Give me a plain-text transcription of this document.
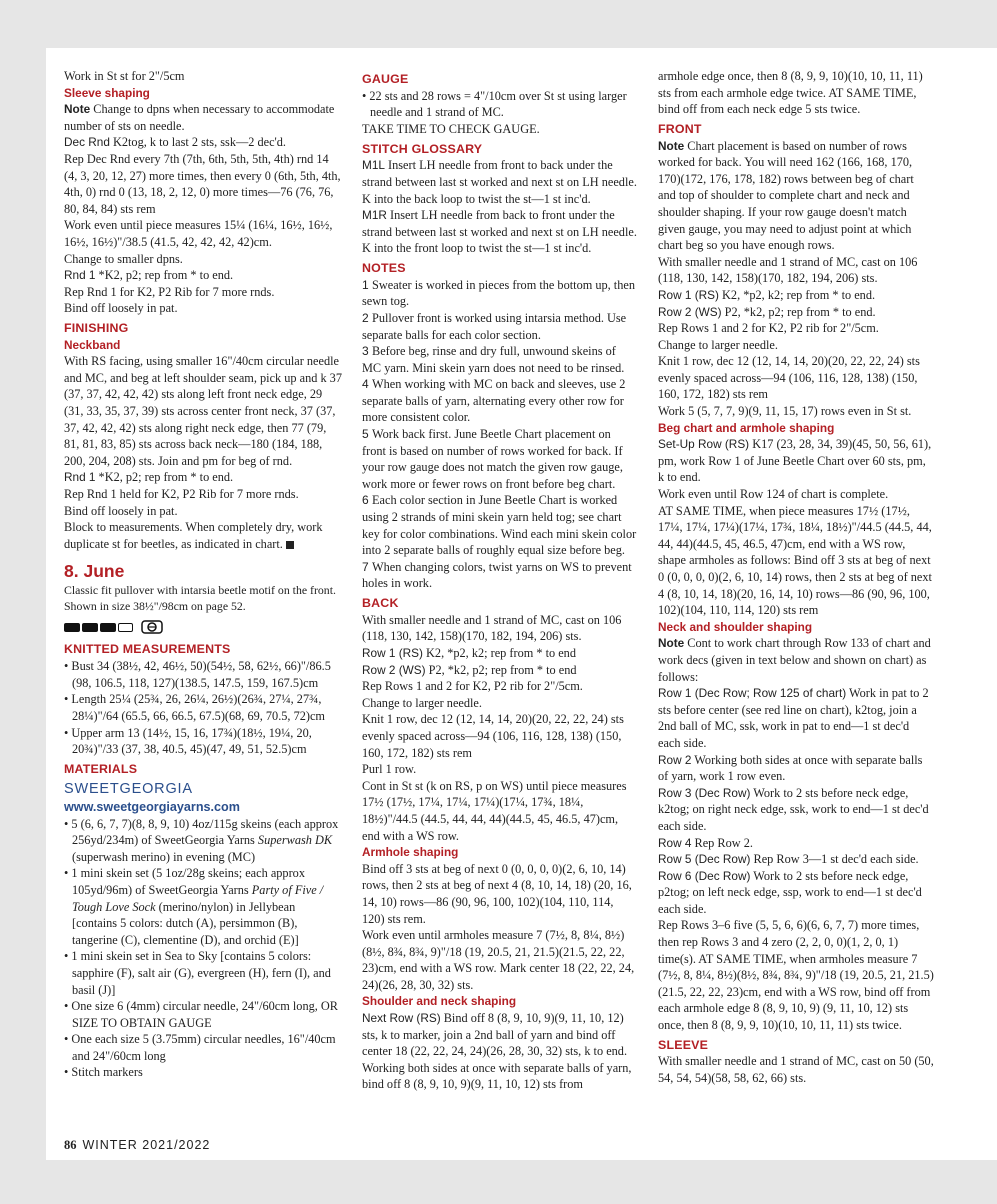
Work in St st for 2"/5cm

Sleeve shaping

Note Change to dpns when necessary to accommodate number of sts on needle.

Dec Rnd K2tog, k to last 2 sts, ssk—2 dec'd.

Rep Dec Rnd every 7th (7th, 6th, 5th, 5th, 4th) rnd 14 (4, 3, 20, 12, 27) more times, then every 0 (6th, 5th, 4th, 4th, 0) rnd 0 (13, 18, 2, 12, 0) more times—76 (76, 76, 80, 84, 84) sts rem

Work even until piece measures 15¼ (16¼, 16½, 16½, 16½, 16½)"/38.5 (41.5, 42, 42, 42, 42)cm.

Change to smaller dpns.

Rnd 1 *K2, p2; rep from * to end.

Rep Rnd 1 for K2, P2 Rib for 7 more rnds.

Bind off loosely in pat.

FINISHING
Neckband

With RS facing, using smaller 16"/40cm circular needle and MC, and beg at left shoulder seam, pick up and k 37 (37, 37, 42, 42, 42) sts along left front neck edge, 29 (31, 33, 35, 37, 39) sts across center front neck, 37 (37, 37, 42, 42, 42) sts along right neck edge, then 77 (79, 81, 81, 83, 85) sts across back neck—180 (184, 188, 200, 204, 208) sts. Join and pm for beg of rnd.

Rnd 1 *K2, p2; rep from * to end.

Rep Rnd 1 held for K2, P2 Rib for 7 more rnds.

Bind off loosely in pat.

Block to measurements. When completely dry, work duplicate st for beetles, as indicated in chart.

8. June

Classic fit pullover with intarsia beetle motif on the front. Shown in size 38½"/98cm on page 52.

KNITTED MEASUREMENTS

• Bust 34 (38½, 42, 46½, 50)(54½, 58, 62½, 66)"/86.5 (98, 106.5, 118, 127)(138.5, 147.5, 159, 167.5)cm

• Length 25¼ (25¾, 26, 26¼, 26½)(26¾, 27¼, 27¾, 28¼)"/64 (65.5, 66, 66.5, 67.5)(68, 69, 70.5, 72)cm

• Upper arm 13 (14½, 15, 16, 17¾)(18½, 19¼, 20, 20¾)"/33 (37, 38, 40.5, 45)(47, 49, 51, 52.5)cm

MATERIALS
SWEETGEORGIA
www.sweetgeorgiayarns.com

• 5 (6, 6, 7, 7)(8, 8, 9, 10) 4oz/115g skeins (each approx 256yd/234m) of SweetGeorgia Yarns Superwash DK (superwash merino) in evening (MC)

• 1 mini skein set (5 1oz/28g skeins; each approx 105yd/96m) of SweetGeorgia Yarns Party of Five / Tough Love Sock (merino/nylon) in Jellybean [contains 5 colors: dutch (A), persimmon (B), tangerine (C), clementine (D), and orchid (E)]

• 1 mini skein set in Sea to Sky [contains 5 colors: sapphire (F), salt air (G), evergreen (H), fern (I), and basil (J)]

• One size 6 (4mm) circular needle, 24"/60cm long, OR SIZE TO OBTAIN GAUGE

• One each size 5 (3.75mm) circular needles, 16"/40cm and 24"/60cm long

• Stitch markers

GAUGE

• 22 sts and 28 rows = 4"/10cm over St st using larger needle and 1 strand of MC.

TAKE TIME TO CHECK GAUGE.

STITCH GLOSSARY

M1L Insert LH needle from front to back under the strand between last st worked and next st on LH needle. K into the back loop to twist the st—1 st inc'd.

M1R Insert LH needle from back to front under the strand between last st worked and next st on LH needle. K into the front loop to twist the st—1 st inc'd.

NOTES

1 Sweater is worked in pieces from the bottom up, then sewn tog.

2 Pullover front is worked using intarsia method. Use separate balls for each color section.

3 Before beg, rinse and dry full, unwound skeins of MC yarn. Mini skein yarn does not need to be rinsed.

4 When working with MC on back and sleeves, use 2 separate balls of yarn, alternating every other row for more consistent color.

5 Work back first. June Beetle Chart placement on front is based on number of rows worked for back. If your row gauge does not match the given row gauge, work more or fewer rows on front before beg chart.

6 Each color section in June Beetle Chart is worked using 2 strands of mini skein yarn held tog; see chart key for color combinations. Wind each mini skein color into 2 separate balls of roughly equal size before beg.

7 When changing colors, twist yarns on WS to prevent holes in work.

BACK

With smaller needle and 1 strand of MC, cast on 106 (118, 130, 142, 158)(170, 182, 194, 206) sts.

Row 1 (RS) K2, *p2, k2; rep from * to end

Row 2 (WS) P2, *k2, p2; rep from * to end

Rep Rows 1 and 2 for K2, P2 rib for 2"/5cm.

Change to larger needle.

Knit 1 row, dec 12 (12, 14, 14, 20)(20, 22, 22, 24) sts evenly spaced across—94 (106, 116, 128, 138) (150, 160, 172, 182) sts rem

Purl 1 row.

Cont in St st (k on RS, p on WS) until piece measures 17½ (17½, 17¼, 17¼, 17¼)(17¼, 17¾, 18¼, 18½)"/44.5 (44.5, 44, 44, 44)(44.5, 45, 46.5, 47)cm, end with a WS row.

Armhole shaping

Bind off 3 sts at beg of next 0 (0, 0, 0, 0)(2, 6, 10, 14) rows, then 2 sts at beg of next 4 (8, 10, 14, 18) (20, 16, 14, 10) rows—86 (90, 96, 100, 102)(104, 110, 114, 120) sts rem.

Work even until armholes measure 7 (7½, 8, 8¼, 8½)(8½, 8¾, 8¾, 9)"/18 (19, 20.5, 21, 21.5)(21.5, 22, 22, 23)cm, end with a WS row. Mark center 18 (22, 22, 24, 24)(26, 28, 30, 32) sts.

Shoulder and neck shaping

Next Row (RS) Bind off 8 (8, 9, 10, 9)(9, 11, 10, 12) sts, k to marker, join a 2nd ball of yarn and bind off center 18 (22, 22, 24, 24)(26, 28, 30, 32) sts, k to end. Working both sides at once with separate balls of yarn, bind off 8 (8, 9, 10, 9)(9, 11, 10, 12) sts from

armhole edge once, then 8 (8, 9, 9, 10)(10, 10, 11, 11) sts from each armhole edge twice. AT SAME TIME, bind off from each neck edge 5 sts twice.

FRONT

Note Chart placement is based on number of rows worked for back. You will need 162 (166, 168, 170, 170)(172, 176, 178, 182) rows between beg of chart and top of shoulder to complete chart and neck and shoulder shaping. If your row gauge doesn't match given gauge, you may need to adjust point at which chart beg so you have enough rows.

With smaller needle and 1 strand of MC, cast on 106 (118, 130, 142, 158)(170, 182, 194, 206) sts.

Row 1 (RS) K2, *p2, k2; rep from * to end.

Row 2 (WS) P2, *k2, p2; rep from * to end.

Rep Rows 1 and 2 for K2, P2 rib for 2"/5cm.

Change to larger needle.

Knit 1 row, dec 12 (12, 14, 14, 20)(20, 22, 22, 24) sts evenly spaced across—94 (106, 116, 128, 138) (150, 160, 172, 182) sts rem

Work 5 (5, 7, 7, 9)(9, 11, 15, 17) rows even in St st.

Beg chart and armhole shaping

Set-Up Row (RS) K17 (23, 28, 34, 39)(45, 50, 56, 61), pm, work Row 1 of June Beetle Chart over 60 sts, pm, k to end.

Work even until Row 124 of chart is complete.

AT SAME TIME, when piece measures 17½ (17½, 17¼, 17¼, 17¼)(17¼, 17¾, 18¼, 18½)"/44.5 (44.5, 44, 44, 44)(44.5, 45, 46.5, 47)cm, end with a WS row, shape armholes as follows: Bind off 3 sts at beg of next 0 (0, 0, 0, 0)(2, 6, 10, 14) rows, then 2 sts at beg of next 4 (8, 10, 14, 18)(20, 16, 14, 10) rows—86 (90, 96, 100, 102)(104, 110, 114, 120) sts rem

Neck and shoulder shaping

Note Cont to work chart through Row 133 of chart and work decs (given in text below and shown on chart) as follows:

Row 1 (Dec Row; Row 125 of chart) Work in pat to 2 sts before center (see red line on chart), k2tog, join a 2nd ball of MC, ssk, work in pat to end—1 st dec'd each side.

Row 2 Working both sides at once with separate balls of yarn, work 1 row even.

Row 3 (Dec Row) Work to 2 sts before neck edge, k2tog; on right neck edge, ssk, work to end—1 st dec'd each side.

Row 4 Rep Row 2.

Row 5 (Dec Row) Rep Row 3—1 st dec'd each side.

Row 6 (Dec Row) Work to 2 sts before neck edge, p2tog; on left neck edge, ssp, work to end—1 st dec'd each side.

Rep Rows 3–6 five (5, 5, 6, 6)(6, 6, 7, 7) more times, then rep Rows 3 and 4 zero (2, 2, 0, 0)(1, 2, 0, 1) time(s). AT SAME TIME, when armholes measure 7 (7½, 8, 8¼, 8½)(8½, 8¾, 8¾, 9)"/18 (19, 20.5, 21, 21.5)(21.5, 22, 22, 23)cm, end with a WS row, bind off from each armhole edge 8 (8, 9, 10, 9) (9, 11, 10, 12) sts once, then 8 (8, 9, 9, 10)(10, 10, 11, 11) sts twice.

SLEEVE

With smaller needle and 1 strand of MC, cast on 50 (50, 54, 54, 54)(58, 58, 62, 66) sts.

86 WINTER 2021/2022
